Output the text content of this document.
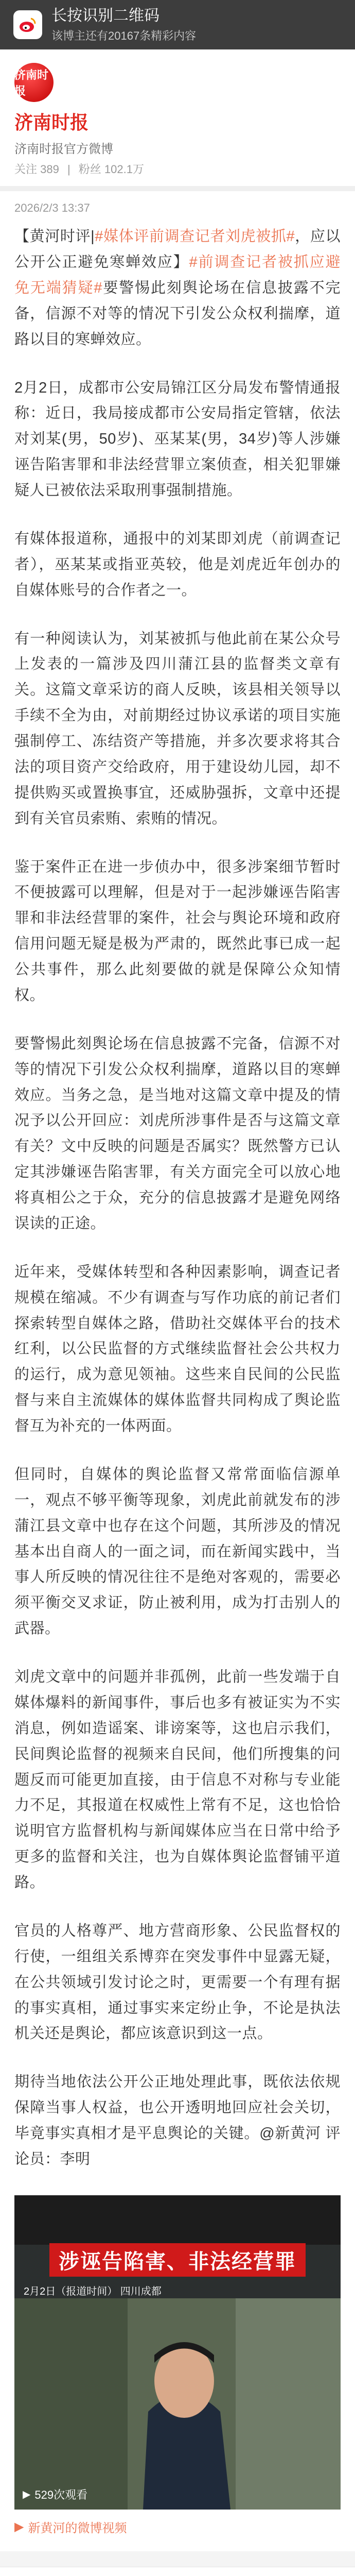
长按识别二维码
该博主还有20167条精彩内容
济南时报
济南时报
济南时报官方微博
关注 389 | 粉丝 102.1万
2026/2/3 13:37

【黄河时评|#媒体评前调查记者刘虎被抓#，应以公开公正避免寒蝉效应】#前调查记者被抓应避免无端猜疑#要警惕此刻舆论场在信息披露不完备，信源不对等的情况下引发公众权利揣摩，道路以目的寒蝉效应。

2月2日，成都市公安局锦江区分局发布警情通报称：近日，我局接成都市公安局指定管辖，依法对刘某(男，50岁)、巫某某(男，34岁)等人涉嫌诬告陷害罪和非法经营罪立案侦查，相关犯罪嫌疑人已被依法采取刑事强制措施。

有媒体报道称，通报中的刘某即刘虎（前调查记者），巫某某或指亚英较，他是刘虎近年创办的自媒体账号的合作者之一。

有一种阅读认为，刘某被抓与他此前在某公众号上发表的一篇涉及四川蒲江县的监督类文章有关。这篇文章采访的商人反映，该县相关领导以手续不全为由，对前期经过协议承诺的项目实施强制停工、冻结资产等措施，并多次要求将其合法的项目资产交给政府，用于建设幼儿园，却不提供购买或置换事宜，还威胁强拆，文章中还提到有关官员索贿、索贿的情况。

鉴于案件正在进一步侦办中，很多涉案细节暂时不便披露可以理解，但是对于一起涉嫌诬告陷害罪和非法经营罪的案件，社会与舆论环境和政府信用问题无疑是极为严肃的，既然此事已成一起公共事件，那么此刻要做的就是保障公众知情权。

要警惕此刻舆论场在信息披露不完备，信源不对等的情况下引发公众权利揣摩，道路以目的寒蝉效应。当务之急，是当地对这篇文章中提及的情况予以公开回应：刘虎所涉事件是否与这篇文章有关？文中反映的问题是否属实？既然警方已认定其涉嫌诬告陷害罪，有关方面完全可以放心地将真相公之于众，充分的信息披露才是避免网络误读的正途。

近年来，受媒体转型和各种因素影响，调查记者规模在缩减。不少有调查与写作功底的前记者们探索转型自媒体之路，借助社交媒体平台的技术红利，以公民监督的方式继续监督社会公共权力的运行，成为意见领袖。这些来自民间的公民监督与来自主流媒体的媒体监督共同构成了舆论监督互为补充的一体两面。

但同时，自媒体的舆论监督又常常面临信源单一，观点不够平衡等现象，刘虎此前就发布的涉蒲江县文章中也存在这个问题，其所涉及的情况基本出自商人的一面之词，而在新闻实践中，当事人所反映的情况往往不是绝对客观的，需要必须平衡交叉求证，防止被利用，成为打击别人的武器。

刘虎文章中的问题并非孤例，此前一些发端于自媒体爆料的新闻事件，事后也多有被证实为不实消息，例如造谣案、诽谤案等，这也启示我们，民间舆论监督的视频来自民间，他们所搜集的问题反而可能更加直接，由于信息不对称与专业能力不足，其报道在权威性上常有不足，这也恰恰说明官方监督机构与新闻媒体应当在日常中给予更多的监督和关注，也为自媒体舆论监督铺平道路。

官员的人格尊严、地方营商形象、公民监督权的行使，一组组关系博弈在突发事件中显露无疑，在公共领域引发讨论之时，更需要一个有理有据的事实真相，通过事实来定纷止争，不论是执法机关还是舆论，都应该意识到这一点。

期待当地依法公开公正地处理此事，既依法依规保障当事人权益，也公开透明地回应社会关切，毕竟事实真相才是平息舆论的关键。@新黄河 评论员：李明

涉诬告陷害、非法经营罪
2月2日（报道时间） 四川成都
▶ 529次观看
▶ 新黄河的微博视频
